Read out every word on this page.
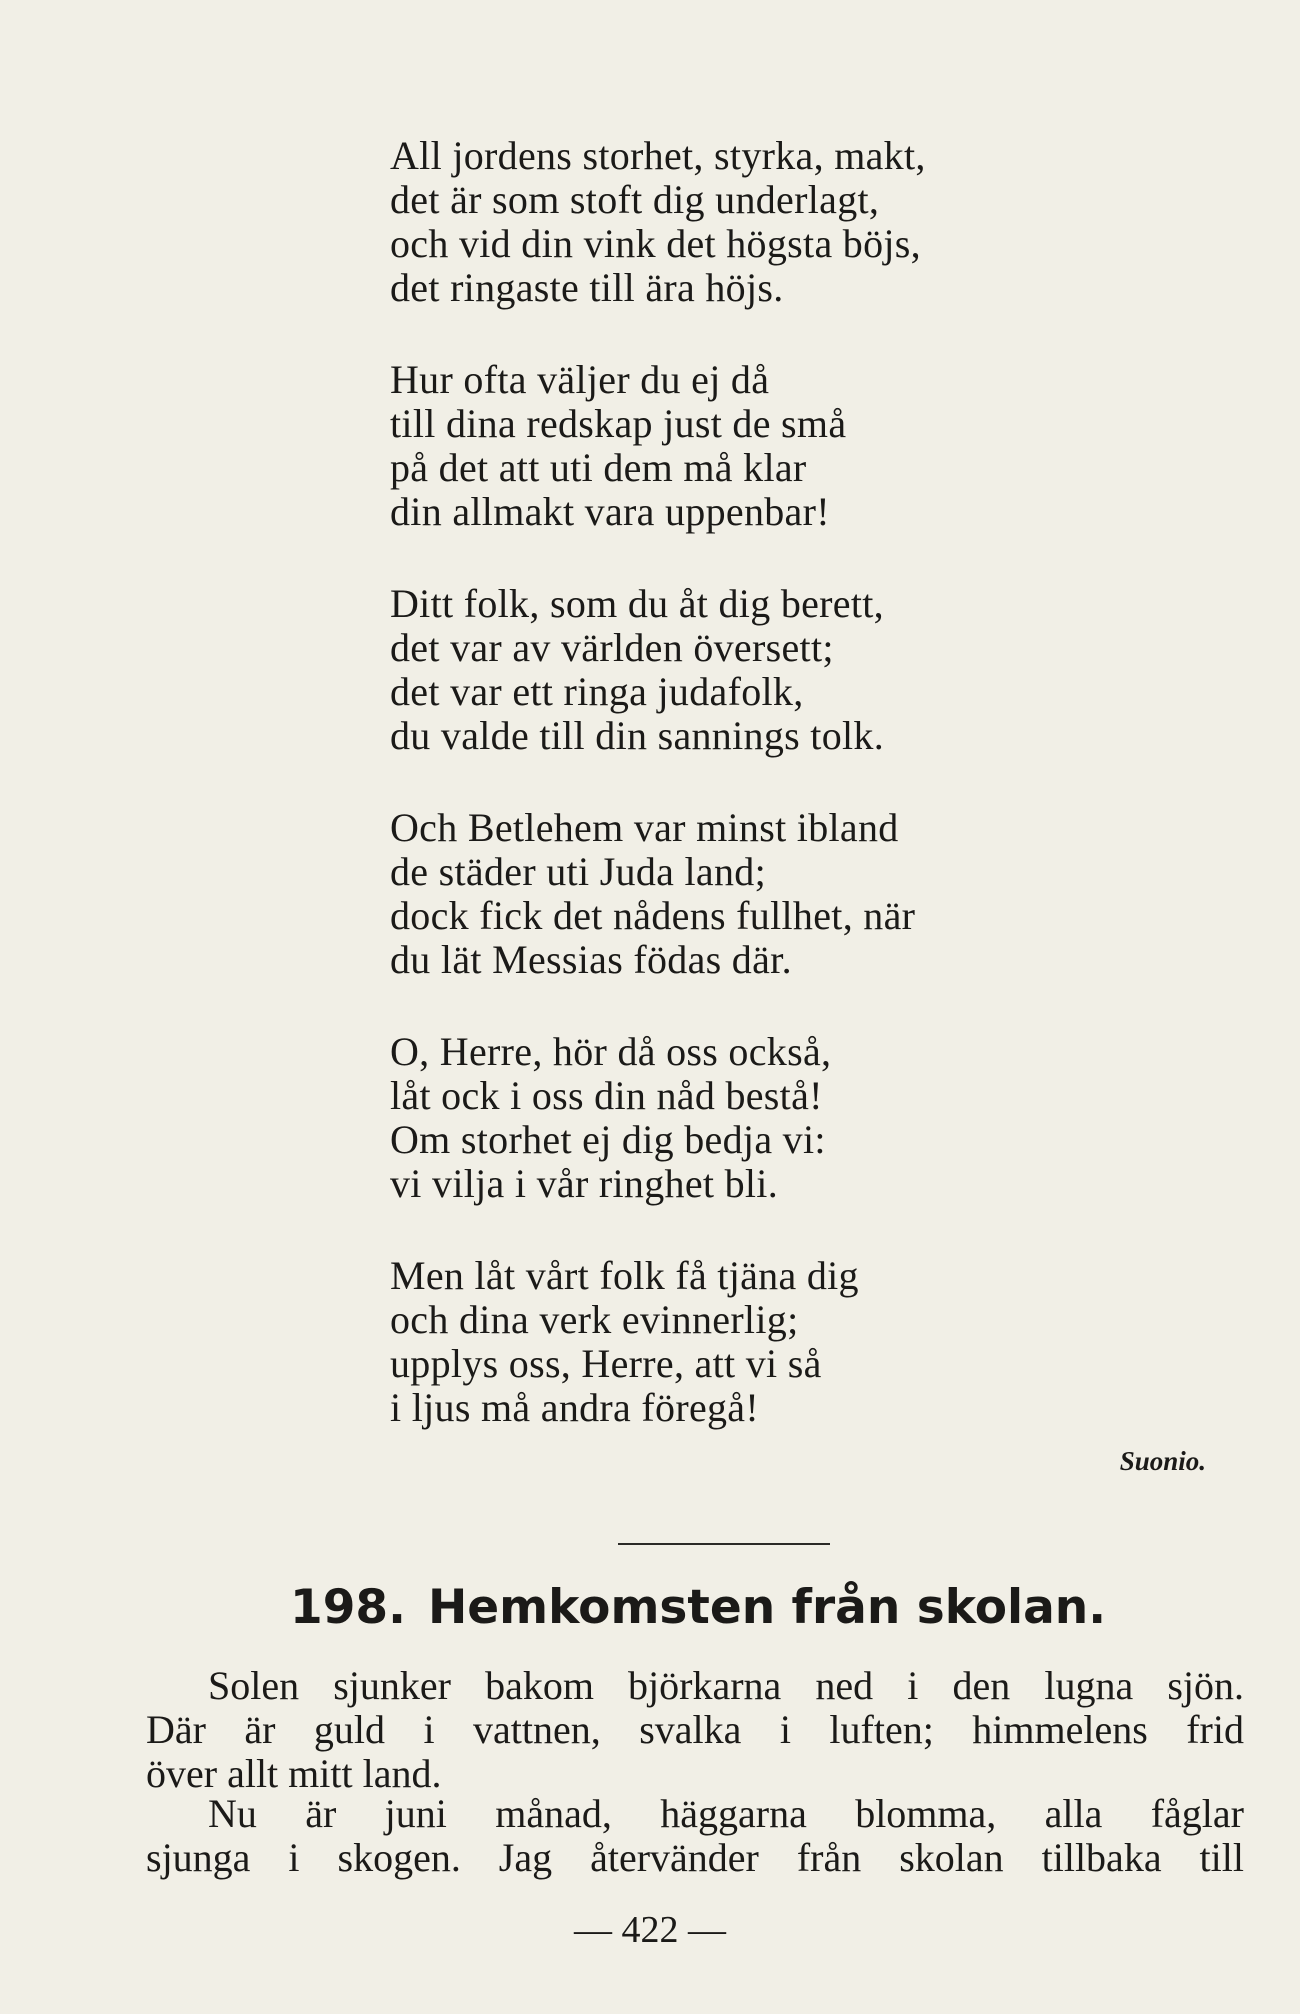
All jordens storhet, styrka, makt,
det är som stoft dig underlagt,
och vid din vink det högsta böjs,
det ringaste till ära höjs.
Hur ofta väljer du ej då
till dina redskap just de små
på det att uti dem må klar
din allmakt vara uppenbar!
Ditt folk, som du åt dig berett,
det var av världen översett;
det var ett ringa judafolk,
du valde till din sannings tolk.
Och Betlehem var minst ibland
de städer uti Juda land;
dock fick det nådens fullhet, när
du lät Messias födas där.
O, Herre, hör då oss också,
låt ock i oss din nåd bestå!
Om storhet ej dig bedja vi:
vi vilja i vår ringhet bli.
Men låt vårt folk få tjäna dig
och dina verk evinnerlig;
upplys oss, Herre, att vi så
i ljus må andra föregå!
Suonio.
198. Hemkomsten från skolan.
Solen sjunker bakom björkarna ned i den lugna sjön.
Där är guld i vattnen, svalka i luften; himmelens frid
över allt mitt land.
Nu är juni månad, häggarna blomma, alla fåglar
sjunga i skogen. Jag återvänder från skolan tillbaka till
— 422 —
